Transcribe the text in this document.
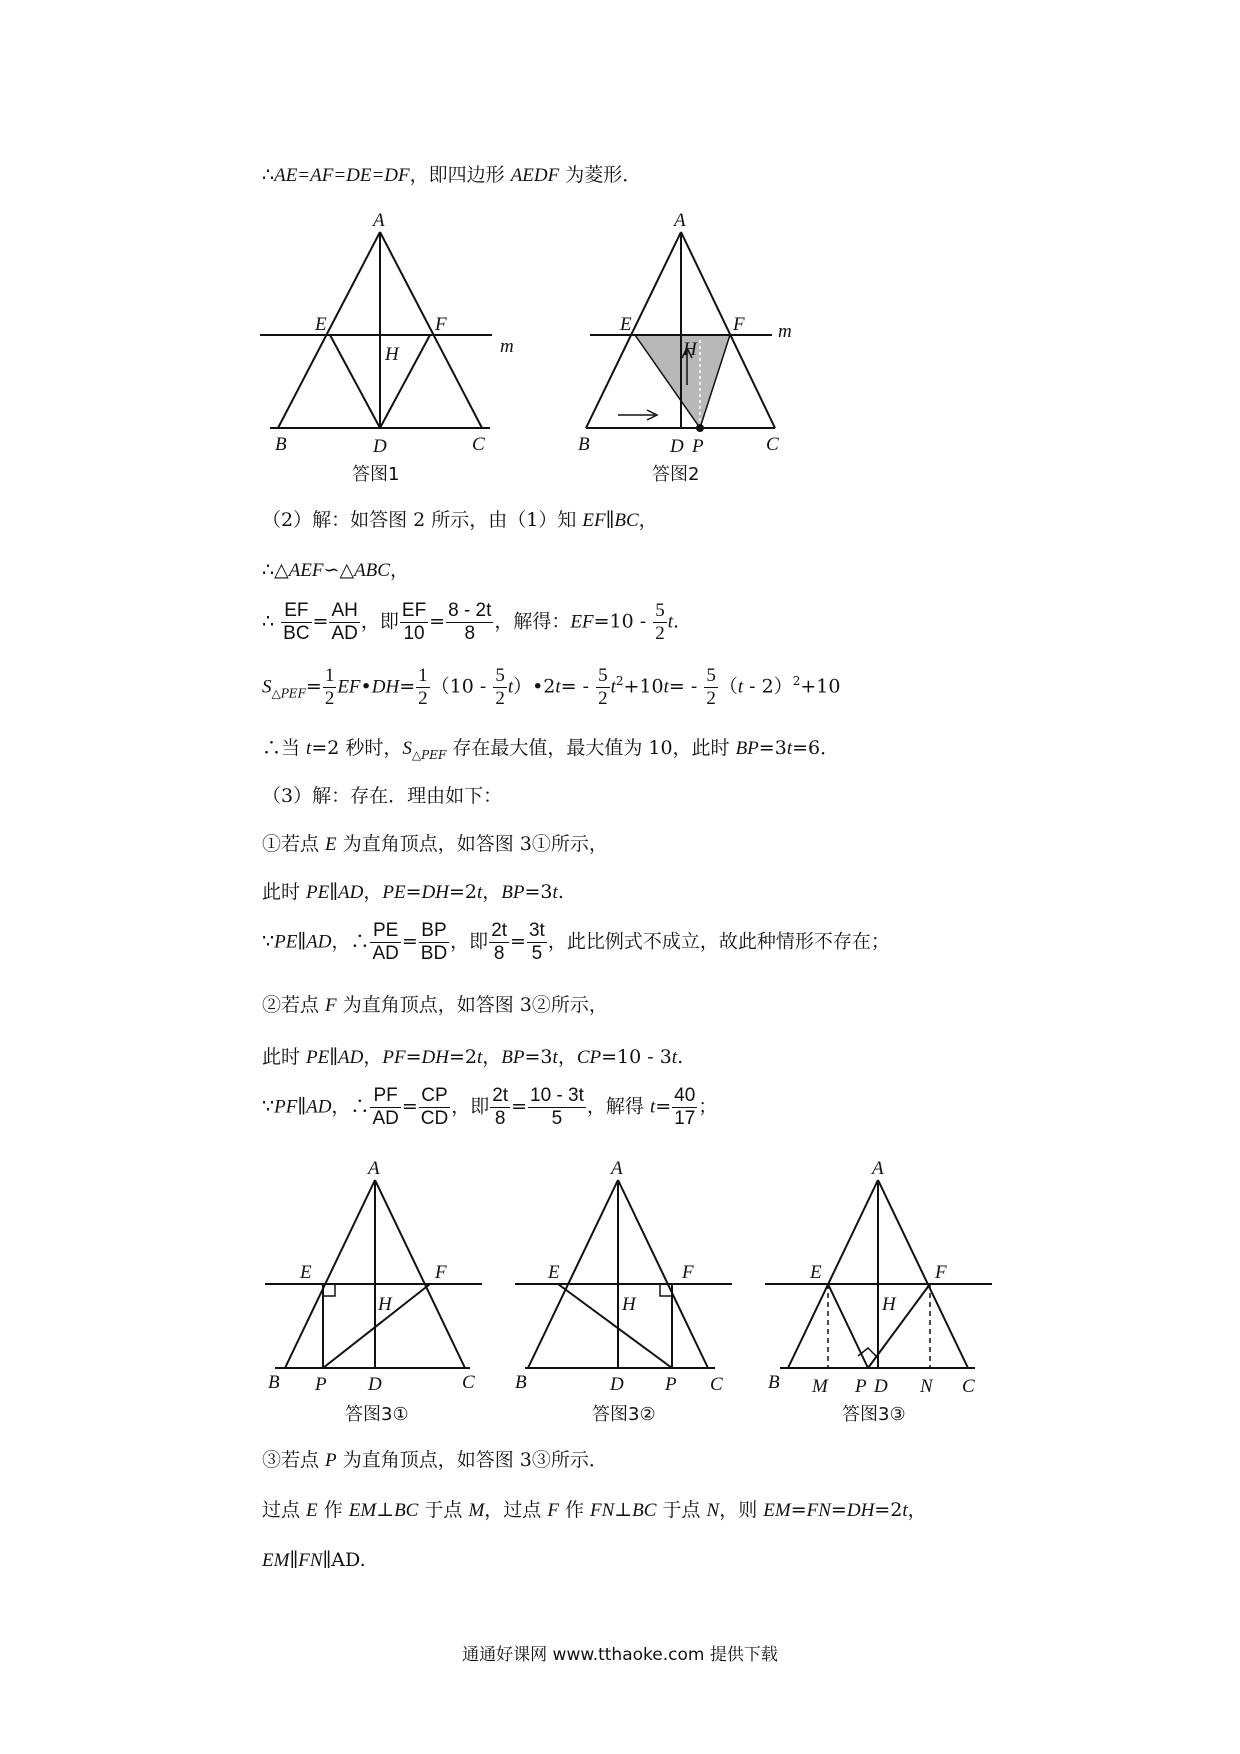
∴AE=AF=DE=DF，即四边形 AEDF 为菱形．
A
E	F
H	m
B	D	C
答图1
A
E	F
H
m
B	D P	C
答图2
（2）解：如答图 2 所示，由（1）知 EF∥BC，
∴△AEF∽△ABC，
∴ $\frac{EF}{BC} = \frac{AH}{AD}$ ，即 $\frac{EF}{10} = \frac{8 - 2t}{8}$ ，解得：$EF=10 - \frac{5}{2} t$.
$S_{\triangle PEF}= \frac{1}{2}$ EF•DH= $\frac{1}{2} (10 - \frac{5}{2}$ t）•2t= - $\frac{5}{2} t^2+10t= - \frac{5}{2} (t - 2)^2+10$
∴当 t=2 秒时，$S_{\triangle PEF}$ 存在最大值，最大值为 10，此时 BP=3t=6．
（3）解：存在．理由如下：
①若点 E 为直角顶点，如答图 3①所示，
此时 PE∥AD，PE=DH=2t，BP=3t.
∵PE∥AD，∴ $\frac{PE}{AD} = \frac{BP}{BD}$ ，即 $\frac{2t}{8} = \frac{3t}{5}$ ，此比例式不成立，故此种情形不存在；
②若点 F 为直角顶点，如答图 3②所示，
此时 PE∥AD，PF=DH=2t，BP=3t，CP=10 - 3t.
∵PF∥AD，∴ $\frac{PF}{AD} = \frac{CP}{CD}$ ，即 $\frac{2t}{8} = \frac{10 - 3t}{5}$ ，解得 $t= \frac{40}{17}$ ；
A
E	F
H
B P D	C
答图3①
A
E	F
H
B	D P C
答图3②
A
E	F
H
B M P D N C
答图3③
③若点 P 为直角顶点，如答图 3③所示．
过点 E 作 EM⊥BC 于点 M，过点 F 作 FN⊥BC 于点 N，则 EM=FN=DH=2t，
EM∥FN∥AD.
通通好课网 www.tthaoke.com 提供下载
